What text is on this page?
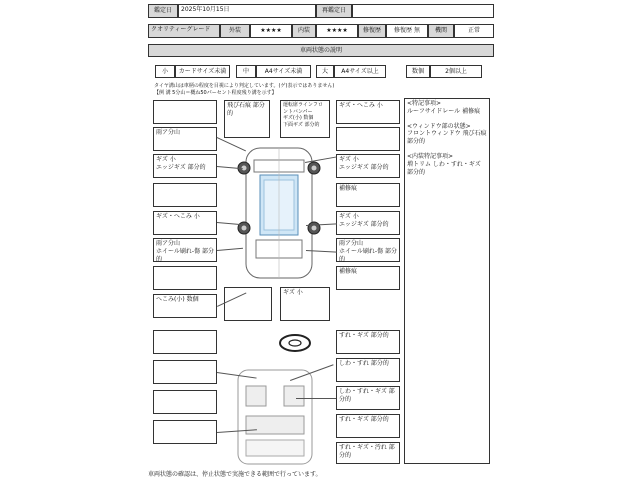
鑑定日	2025年10月15日	再鑑定日
クオリティーグレード	外装	★★★★	内装	★★★★	修復歴 修復歴 無	機関	正常
車両状態の説明
小 カードサイズ未満	中	A4サイズ未満	大 A4サイズ以上	数個	2個以上
タイヤ溝山は車柄の程度を目視により判定しています。(ゲ)表示ではありません)
【例 溝 5分山＝概ね50パーセント程度残り溝を示す】
雨ア分山
ギズ 小
エッジギズ 部分的
ギズ・へこみ 小
雨ア分山
ホイール刷れ-傷 部分的
へこみ(小) 数個
飛び石痕 部分的
運転席ラインフロントバンパー
ギズ(小) 数個
下面ギズ 部分的
ギズ・へこみ 小
ギズ 小
エッジギズ 部分的
補修痕
ギズ 小
エッジギズ 部分的
雨ア分山
ホイール刷れ-傷 部分的
補修痕
ギズ 小
<特記事項>
ルーフサイドレール 補修痕
<ウィンドウ部の状態>
フロントウィンドウ 飛び石痕 部分的
<内装特記事項>
増トリム しわ・すれ・ギズ 部分的
すれ・ギズ 部分的
しわ・すれ 部分的
しわ・すれ・ギズ 部分的
すれ・ギズ 部分的
すれ・ギズ・汚れ 部分的
車両状態の確認は、停止状態で実施できる範囲で行っています。
